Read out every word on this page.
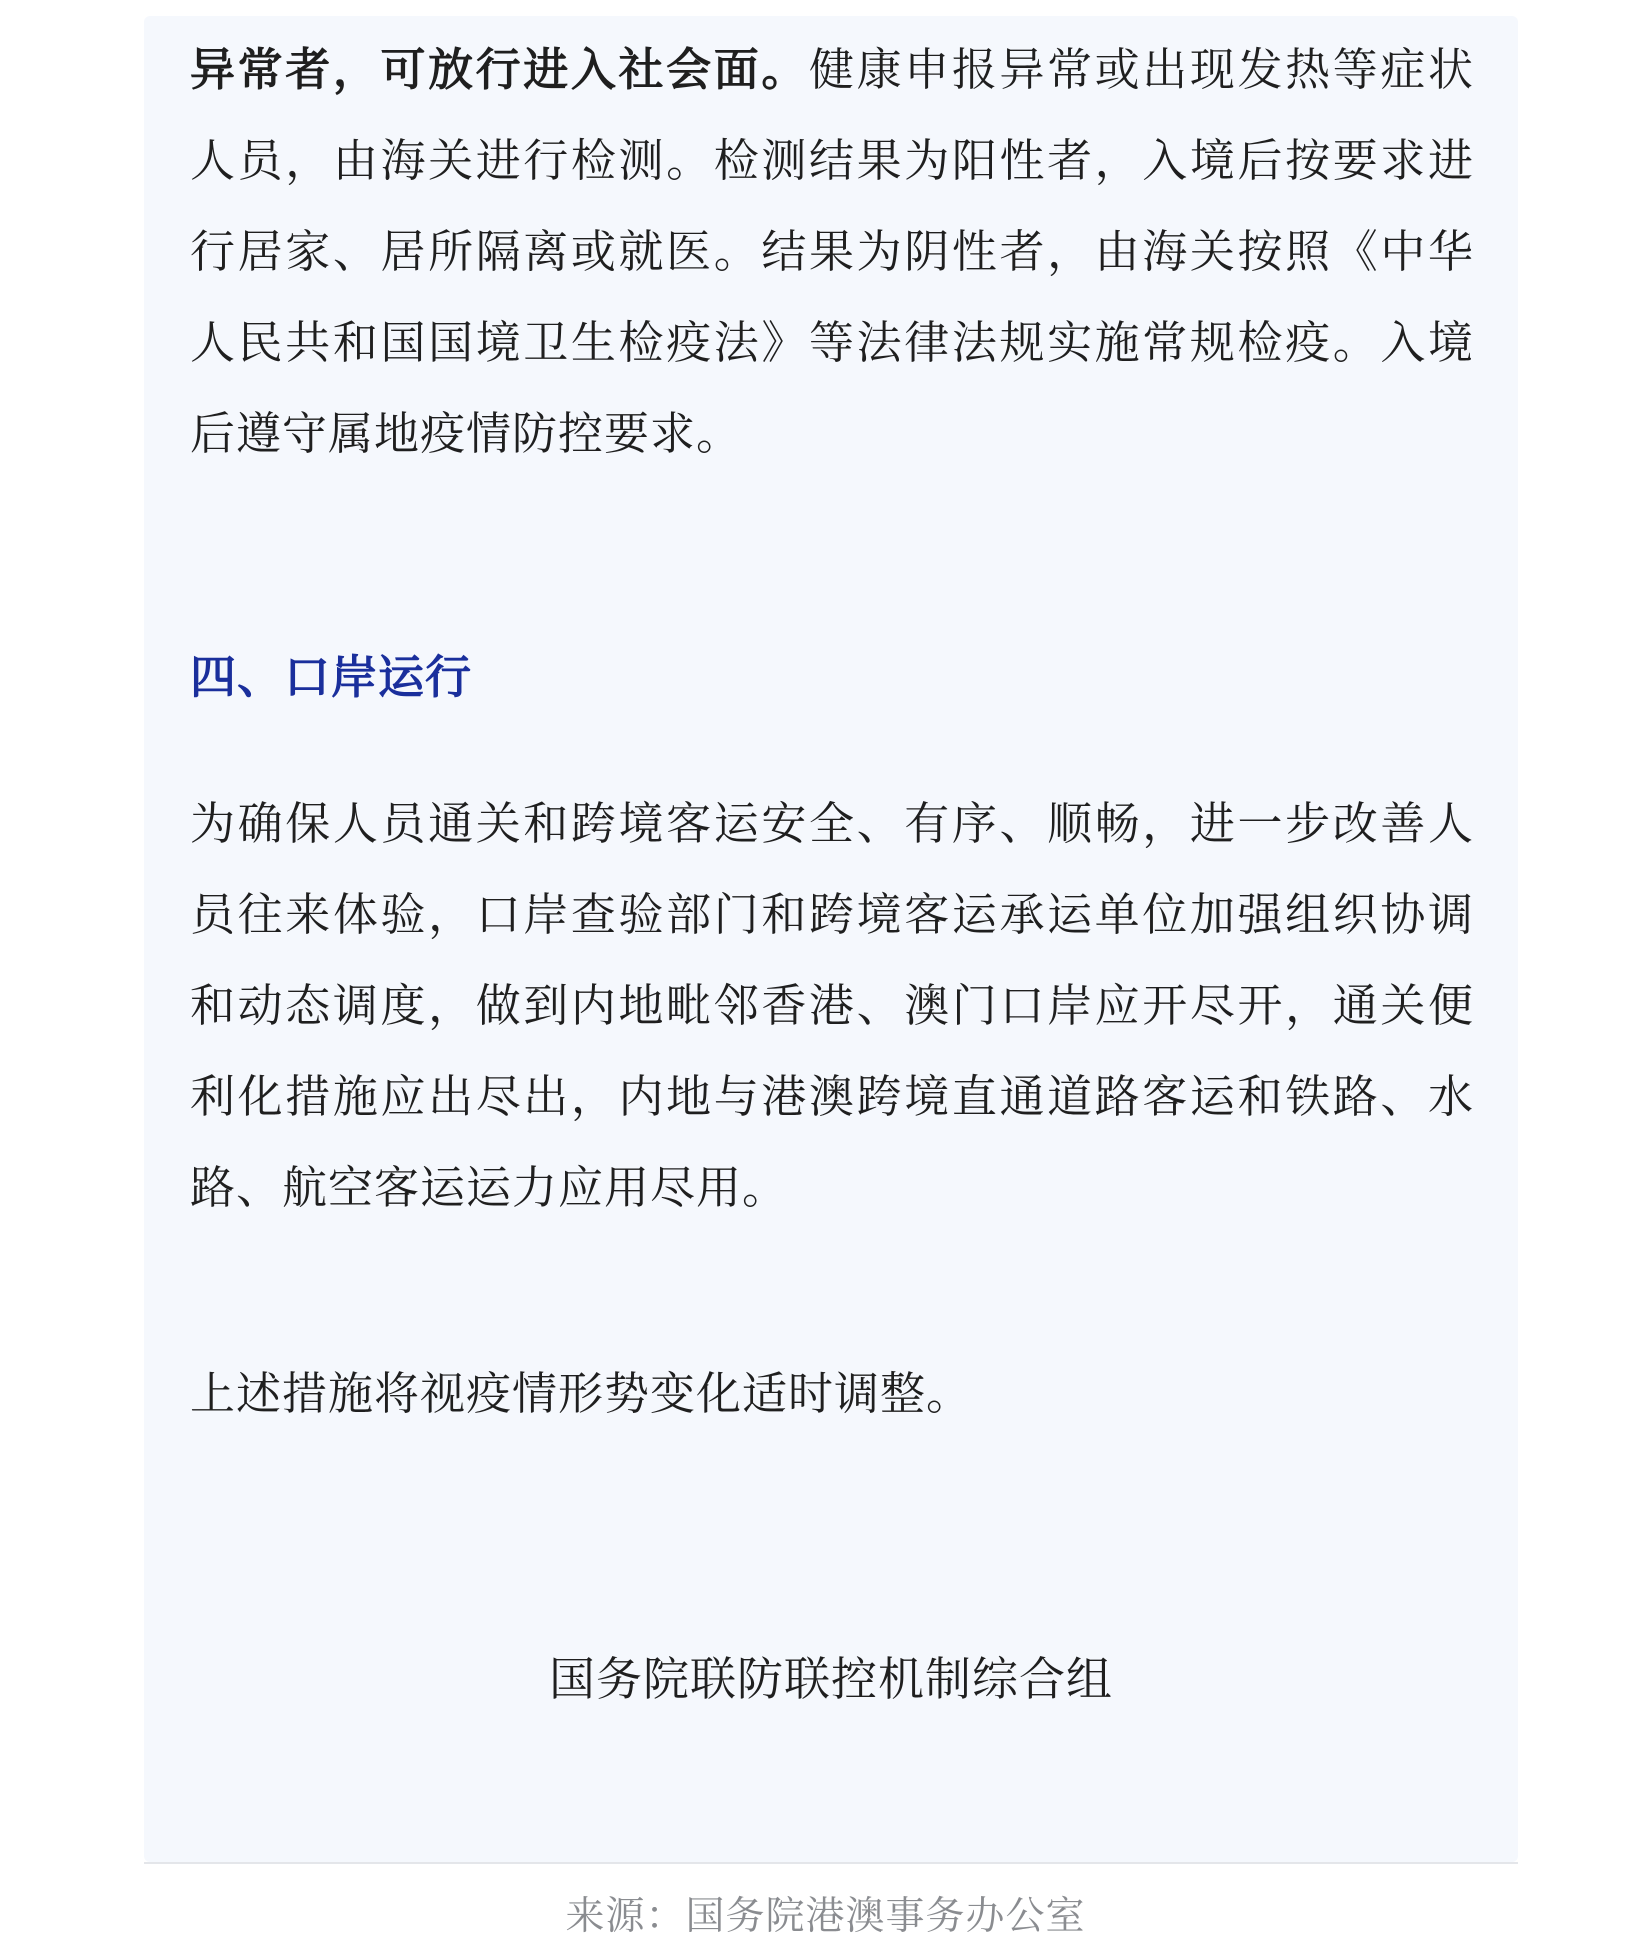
异常者，可放行进入社会面。健康申报异常或出现发热等症状人员，由海关进行检测。检测结果为阳性者，入境后按要求进行居家、居所隔离或就医。结果为阴性者，由海关按照《中华人民共和国国境卫生检疫法》等法律法规实施常规检疫。入境后遵守属地疫情防控要求。

四、口岸运行

为确保人员通关和跨境客运安全、有序、顺畅，进一步改善人员往来体验，口岸查验部门和跨境客运承运单位加强组织协调和动态调度，做到内地毗邻香港、澳门口岸应开尽开，通关便利化措施应出尽出，内地与港澳跨境直通道路客运和铁路、水路、航空客运运力应用尽用。

上述措施将视疫情形势变化适时调整。

国务院联防联控机制综合组
来源：国务院港澳事务办公室
